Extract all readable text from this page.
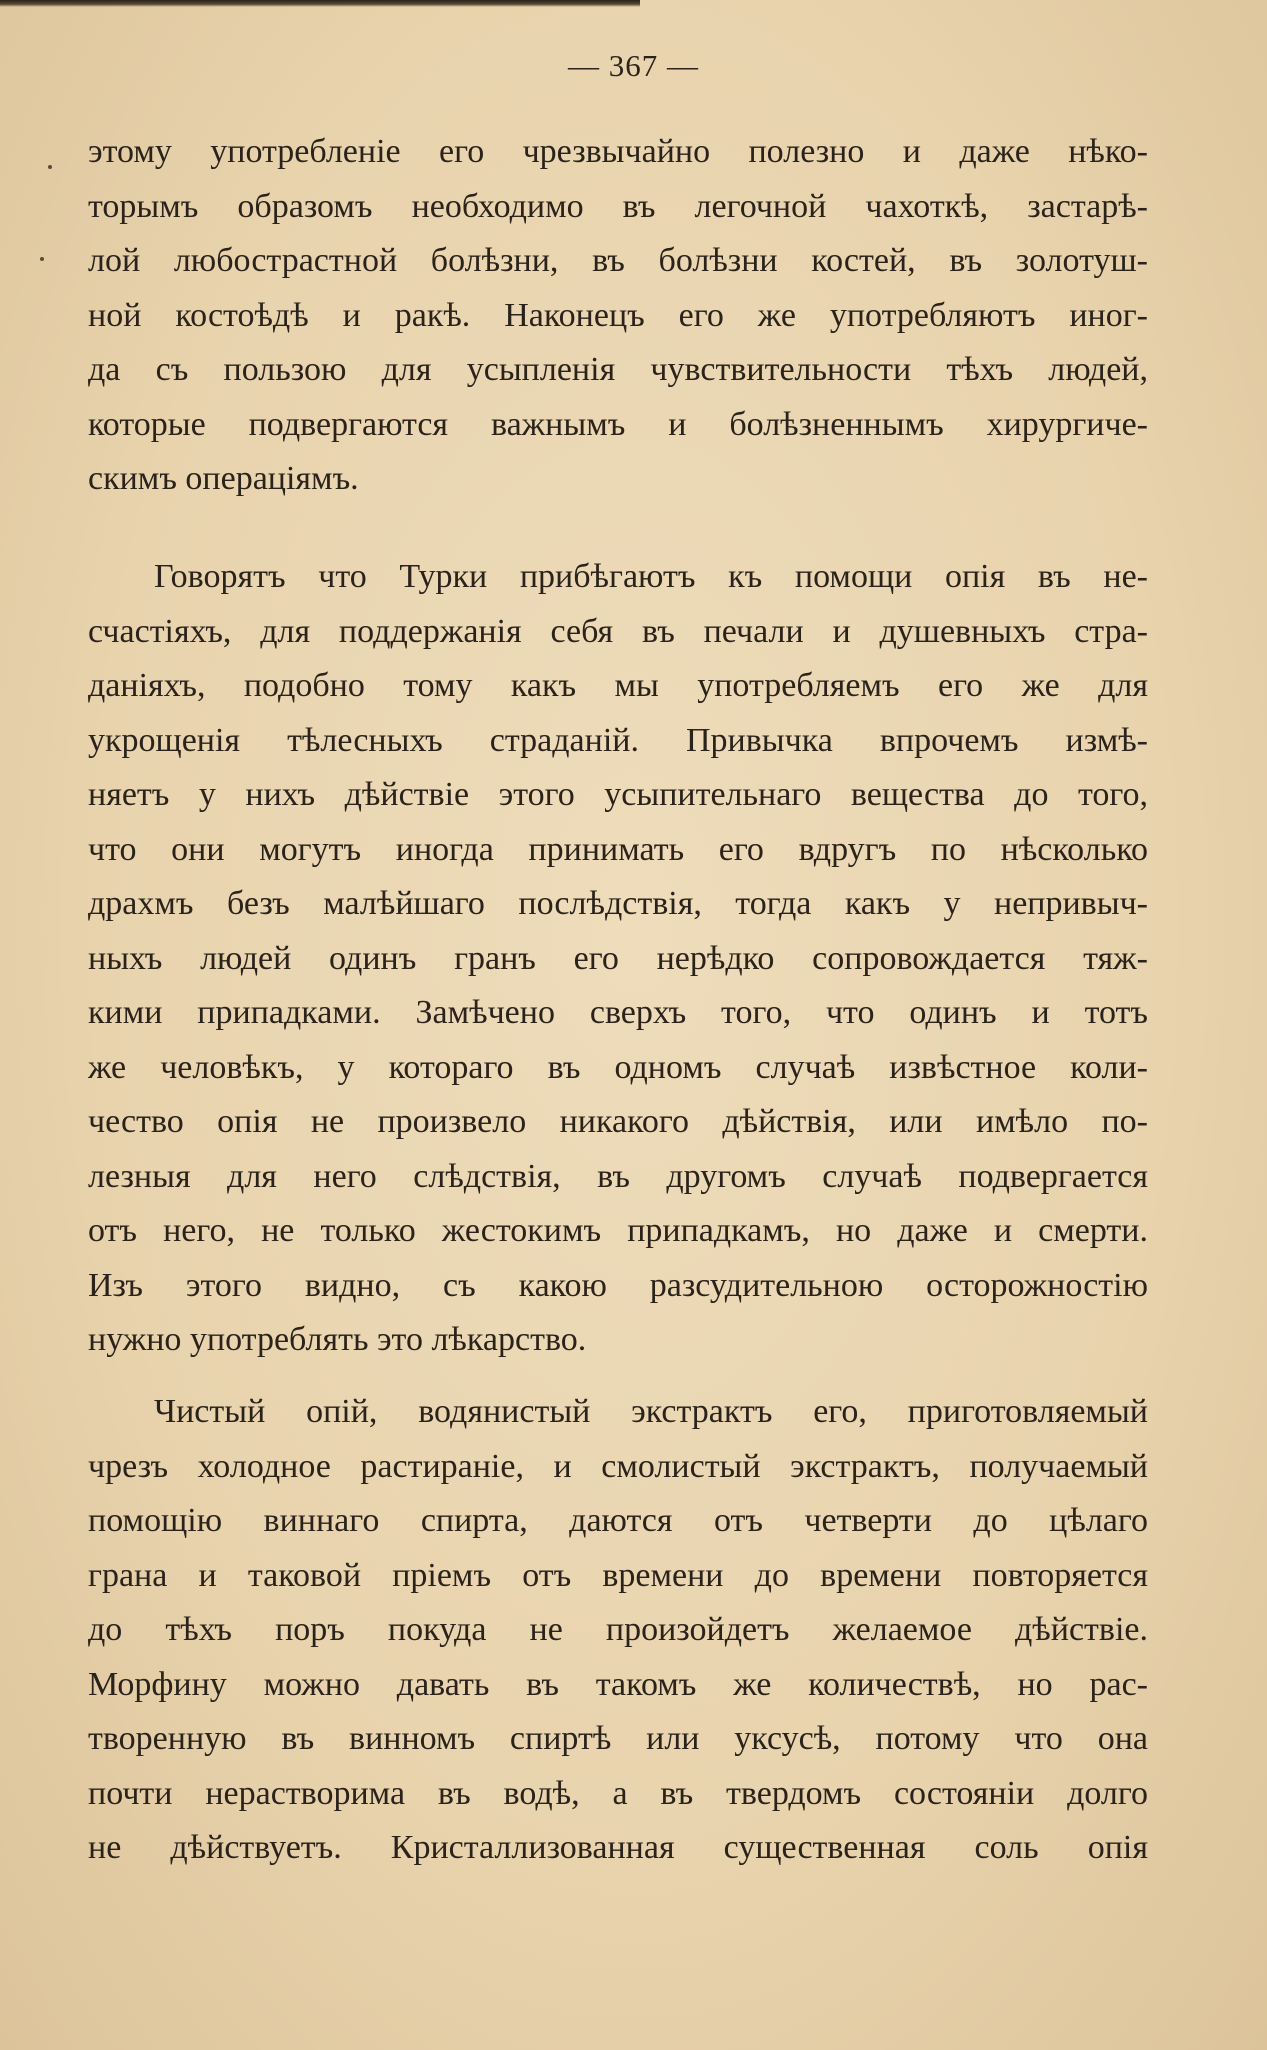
— 367 —
этому употребленіе его чрезвычайно полезно и даже нѣко-
торымъ образомъ необходимо въ легочной чахоткѣ, застарѣ-
лой любострастной болѣзни, въ болѣзни костей, въ золотуш-
ной костоѣдѣ и ракѣ. Наконецъ его же употребляютъ иног-
да съ пользою для усыпленія чувствительности тѣхъ людей,
которые подвергаются важнымъ и болѣзненнымъ хирургиче-
скимъ операціямъ.
Говорятъ что Турки прибѣгаютъ къ помощи опія въ не-
счастіяхъ, для поддержанія себя въ печали и душевныхъ стра-
даніяхъ, подобно тому какъ мы употребляемъ его же для
укрощенія тѣлесныхъ страданій. Привычка впрочемъ измѣ-
няетъ у нихъ дѣйствіе этого усыпительнаго вещества до того,
что они могутъ иногда принимать его вдругъ по нѣсколько
драхмъ безъ малѣйшаго послѣдствія, тогда какъ у непривыч-
ныхъ людей одинъ гранъ его нерѣдко сопровождается тяж-
кими припадками. Замѣчено сверхъ того, что одинъ и тотъ
же человѣкъ, у котораго въ одномъ случаѣ извѣстное коли-
чество опія не произвело никакого дѣйствія, или имѣло по-
лезныя для него слѣдствія, въ другомъ случаѣ подвергается
отъ него, не только жестокимъ припадкамъ, но даже и смерти.
Изъ этого видно, съ какою разсудительною осторожностію
нужно употреблять это лѣкарство.
Чистый опій, водянистый экстрактъ его, приготовляемый
чрезъ холодное растираніе, и смолистый экстрактъ, получаемый
помощію виннаго спирта, даются отъ четверти до цѣлаго
грана и таковой пріемъ отъ времени до времени повторяется
до тѣхъ поръ покуда не произойдетъ желаемое дѣйствіе.
Морфину можно давать въ такомъ же количествѣ, но рас-
творенную въ винномъ спиртѣ или уксусѣ, потому что она
почти нерастворима въ водѣ, а въ твердомъ состояніи долго
не дѣйствуетъ. Кристаллизованная существенная соль опія
